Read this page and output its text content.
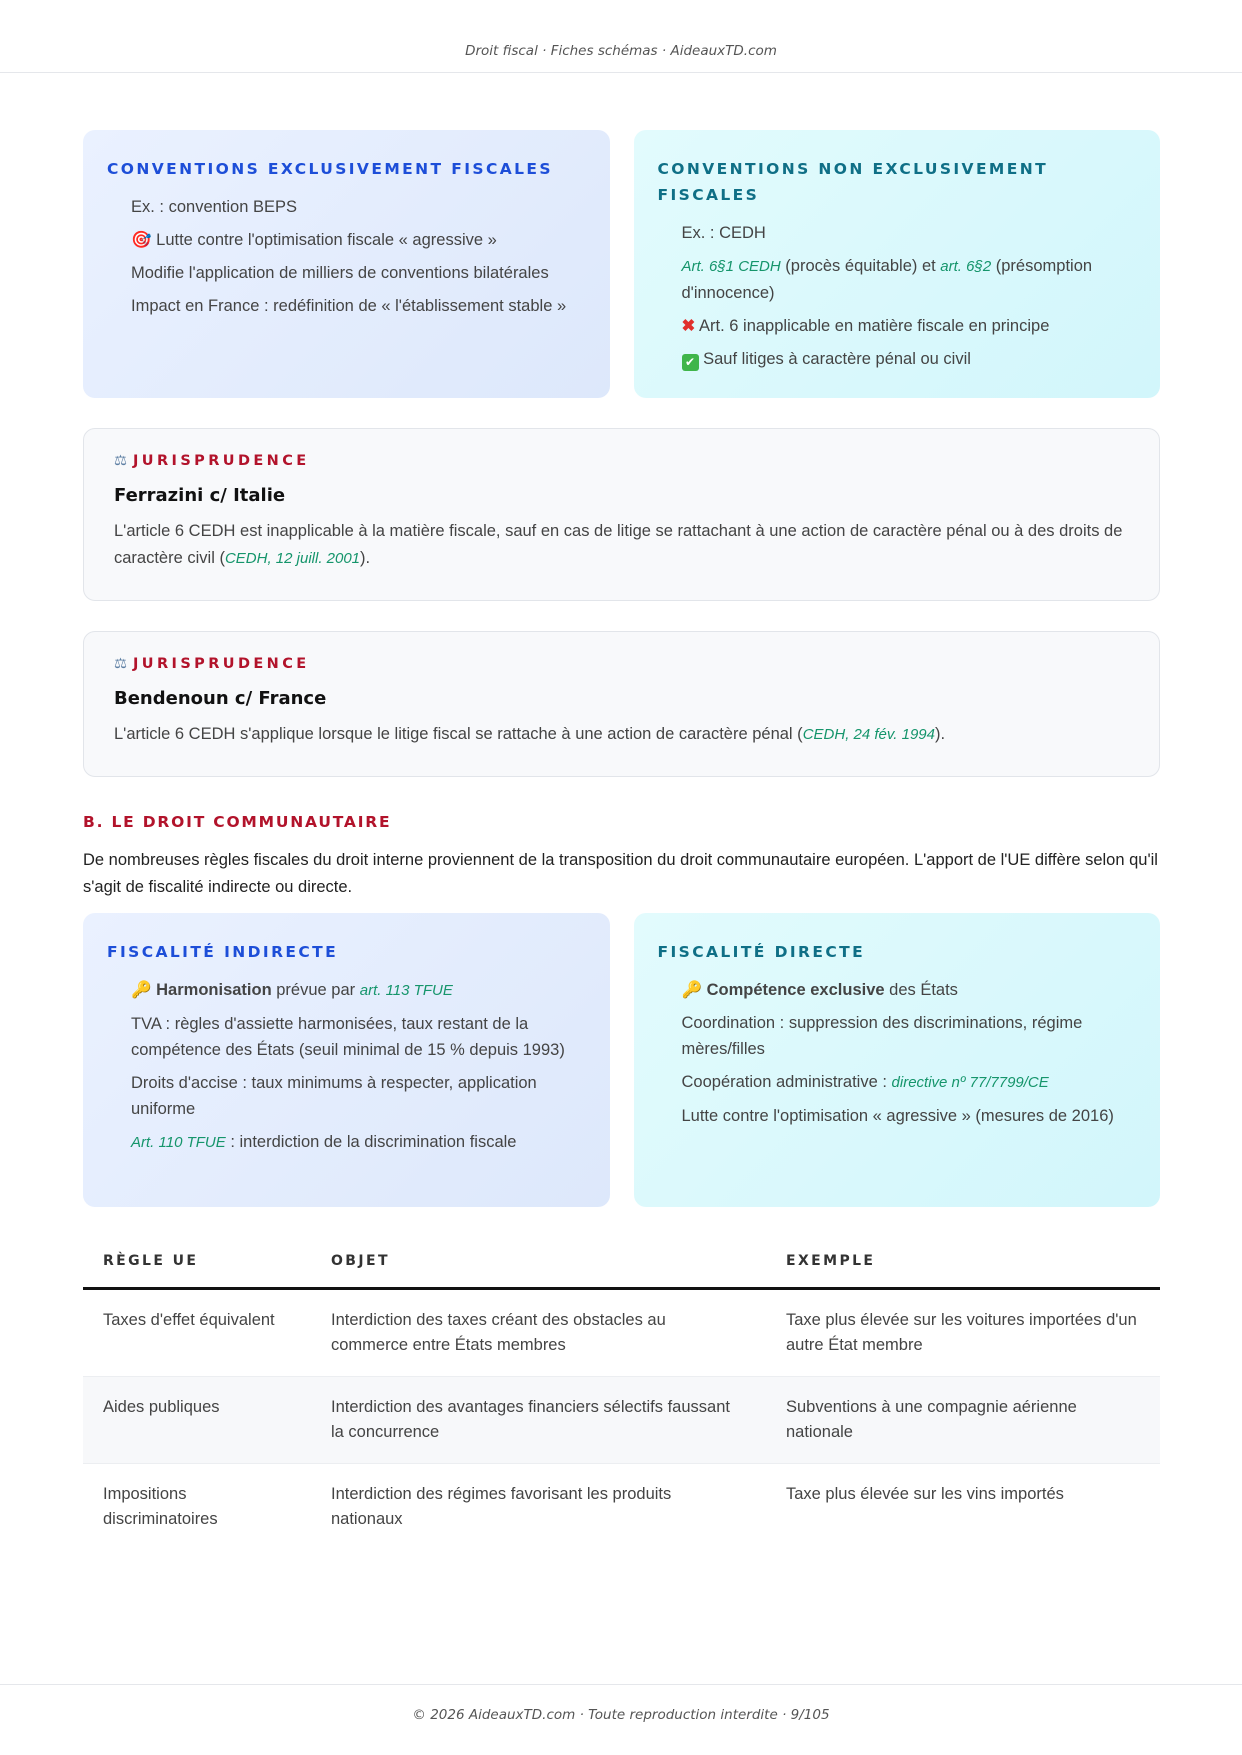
Droit fiscal · Fiches schémas · AideauxTD.com
CONVENTIONS EXCLUSIVEMENT FISCALES
Ex. : convention BEPS
🎯 Lutte contre l'optimisation fiscale « agressive »
Modifie l'application de milliers de conventions bilatérales
Impact en France : redéfinition de « l'établissement stable »
CONVENTIONS NON EXCLUSIVEMENT FISCALES
Ex. : CEDH
Art. 6§1 CEDH (procès équitable) et art. 6§2 (présomption d'innocence)
✖ Art. 6 inapplicable en matière fiscale en principe
✔ Sauf litiges à caractère pénal ou civil
⚖ JURISPRUDENCE
Ferrazini c/ Italie
L'article 6 CEDH est inapplicable à la matière fiscale, sauf en cas de litige se rattachant à une action de caractère pénal ou à des droits de caractère civil (CEDH, 12 juill. 2001).
⚖ JURISPRUDENCE
Bendenoun c/ France
L'article 6 CEDH s'applique lorsque le litige fiscal se rattache à une action de caractère pénal (CEDH, 24 fév. 1994).
B. LE DROIT COMMUNAUTAIRE
De nombreuses règles fiscales du droit interne proviennent de la transposition du droit communautaire européen. L'apport de l'UE diffère selon qu'il s'agit de fiscalité indirecte ou directe.
FISCALITÉ INDIRECTE
🔑 Harmonisation prévue par art. 113 TFUE
TVA : règles d'assiette harmonisées, taux restant de la compétence des États (seuil minimal de 15 % depuis 1993)
Droits d'accise : taux minimums à respecter, application uniforme
Art. 110 TFUE : interdiction de la discrimination fiscale
FISCALITÉ DIRECTE
🔑 Compétence exclusive des États
Coordination : suppression des discriminations, régime mères/filles
Coopération administrative : directive nº 77/7799/CE
Lutte contre l'optimisation « agressive » (mesures de 2016)
RÈGLE UE	OBJET	EXEMPLE
Taxes d'effet équivalent	Interdiction des taxes créant des obstacles au commerce entre États membres	Taxe plus élevée sur les voitures importées d'un autre État membre
Aides publiques	Interdiction des avantages financiers sélectifs faussant la concurrence	Subventions à une compagnie aérienne nationale
Impositions discriminatoires	Interdiction des régimes favorisant les produits nationaux	Taxe plus élevée sur les vins importés
© 2026 AideauxTD.com · Toute reproduction interdite · 9/105
